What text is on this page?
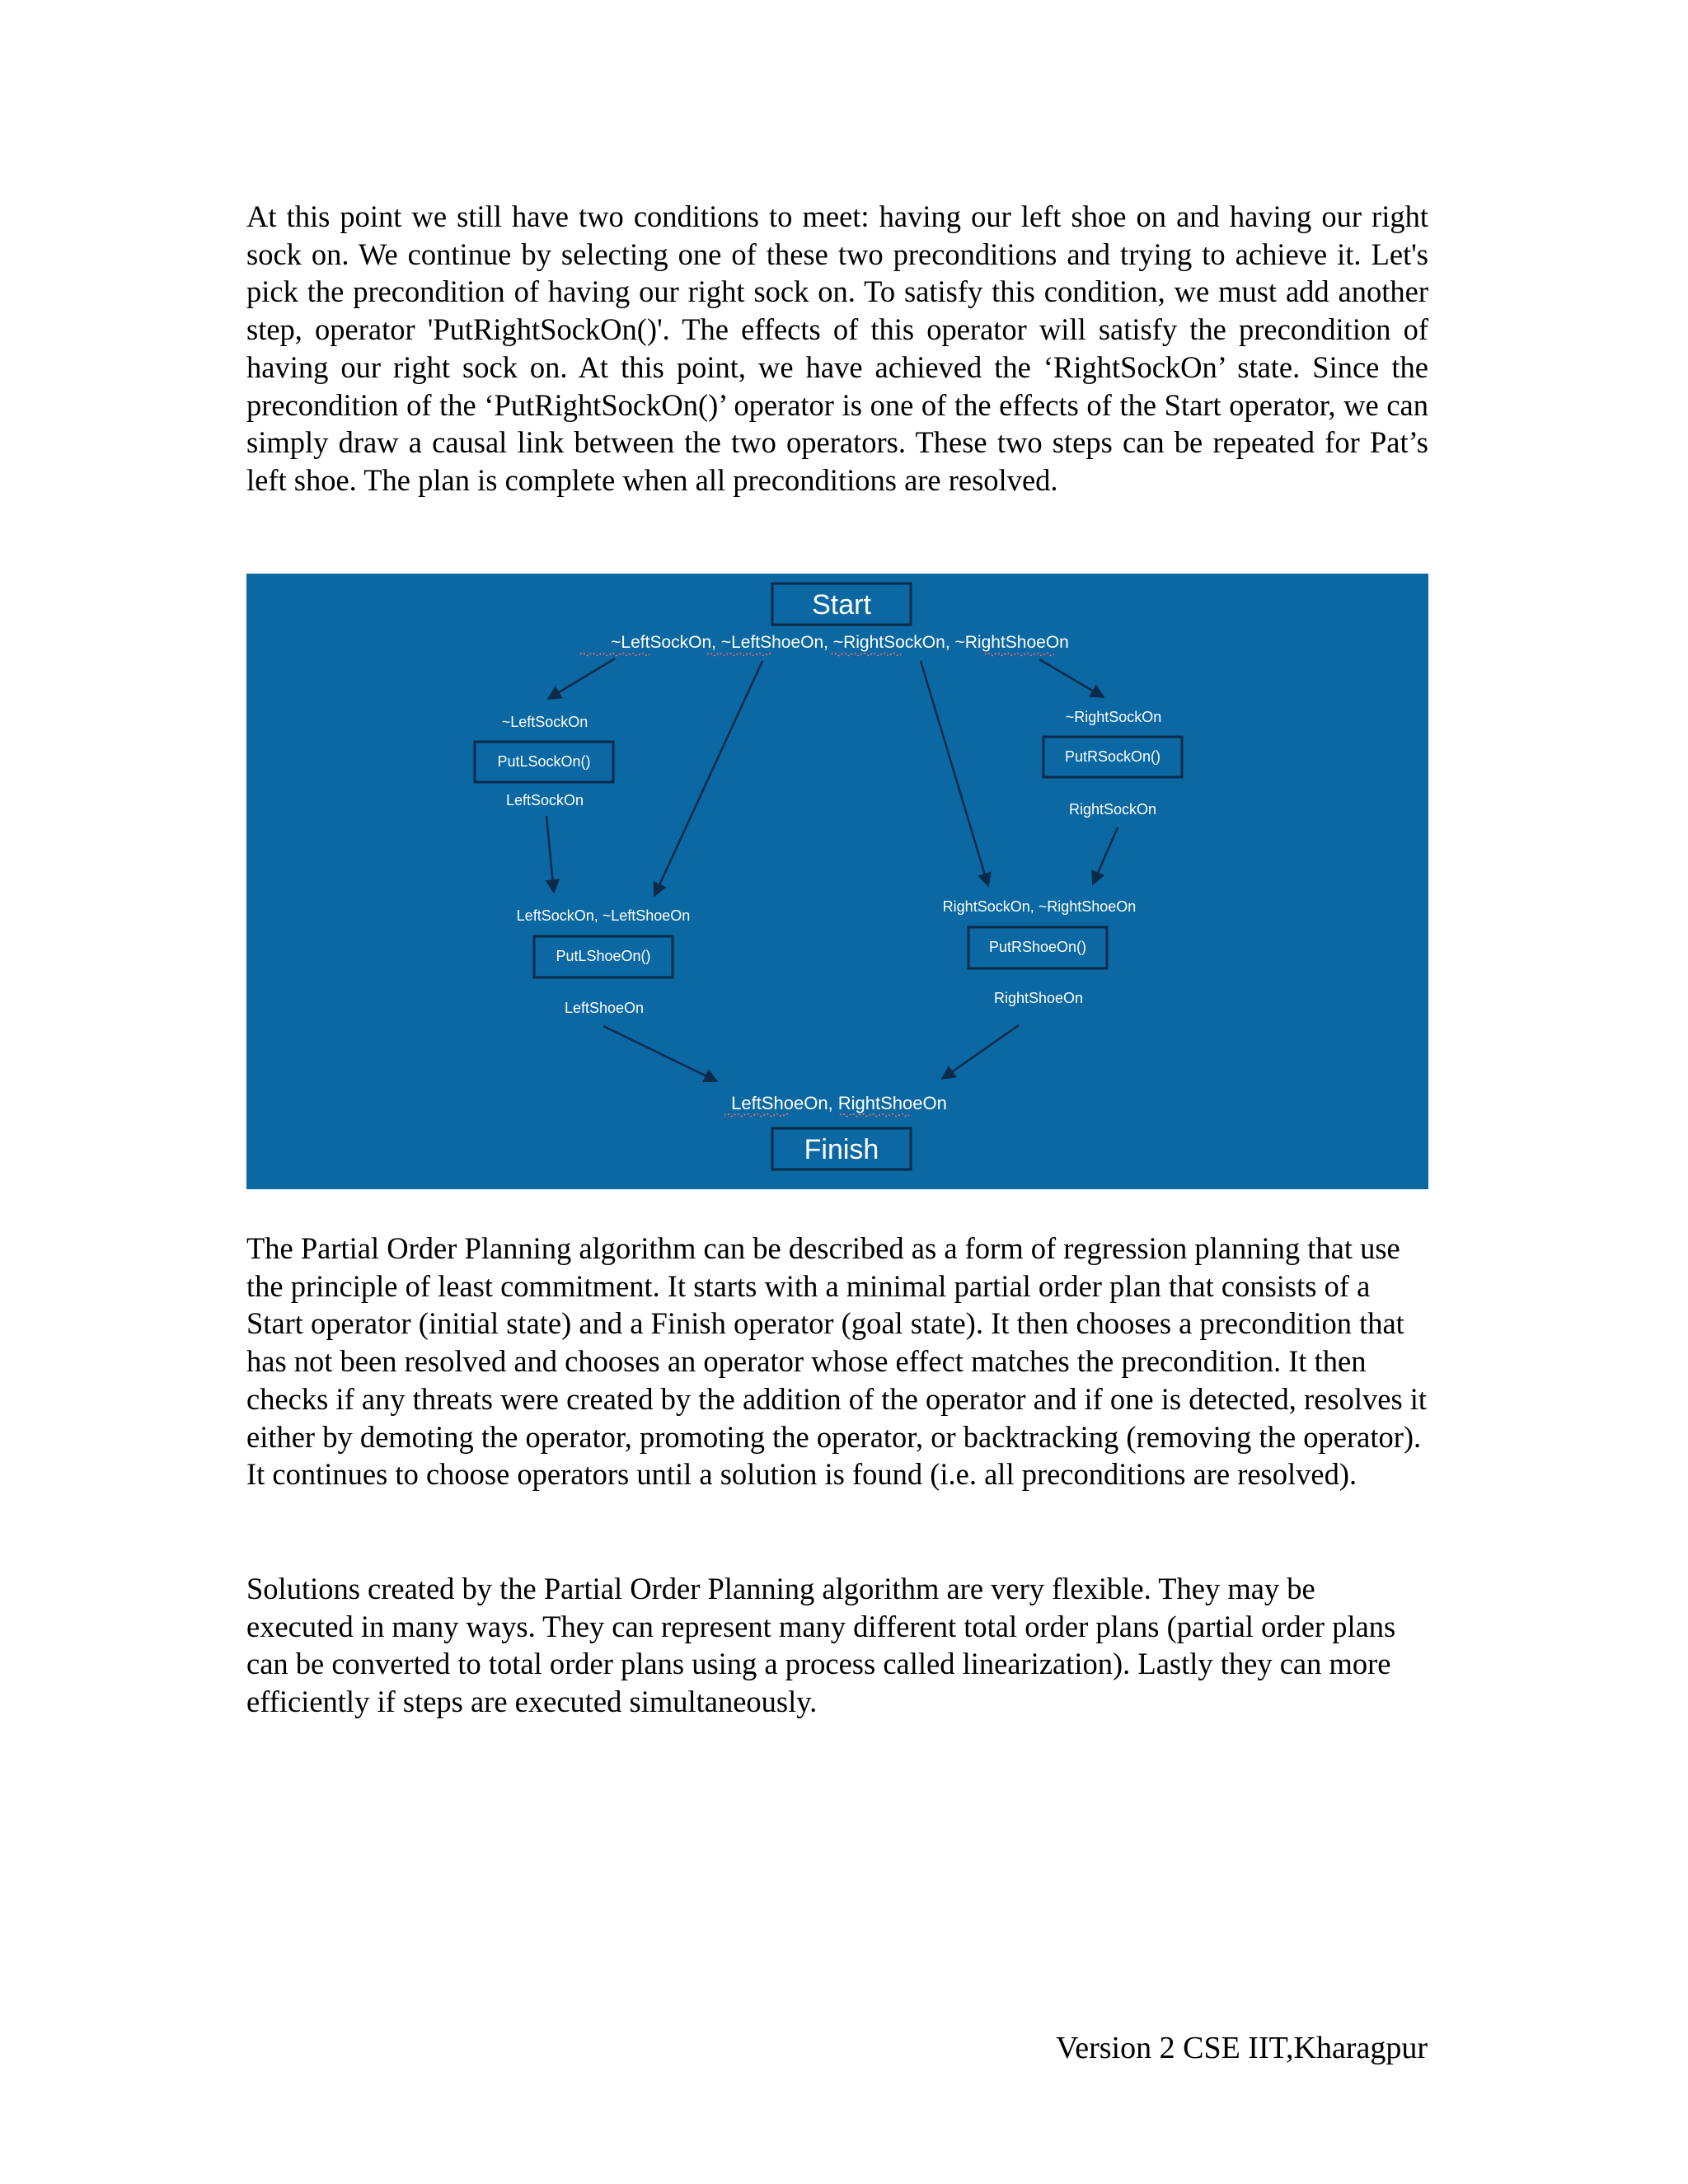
At this point we still have two conditions to meet: having our left shoe on and having our right sock on. We continue by selecting one of these two preconditions and trying to achieve it. Let's pick the precondition of having our right sock on. To satisfy this condition, we must add another step, operator 'PutRightSockOn()'. The effects of this operator will satisfy the precondition of having our right sock on. At this point, we have achieved the ‘RightSockOn’ state. Since the precondition of the ‘PutRightSockOn()’ operator is one of the effects of the Start operator, we can simply draw a causal link between the two operators. These two steps can be repeated for Pat’s left shoe. The plan is complete when all preconditions are resolved.

Start
~LeftSockOn, ~LeftShoeOn, ~RightSockOn, ~RightShoeOn
~LeftSockOn
PutLSockOn()
LeftSockOn
~RightSockOn
PutRSockOn()
RightSockOn
LeftSockOn, ~LeftShoeOn
PutLShoeOn()
LeftShoeOn
RightSockOn, ~RightShoeOn
PutRShoeOn()
RightShoeOn
LeftShoeOn, RightShoeOn
Finish

The Partial Order Planning algorithm can be described as a form of regression planning that use the principle of least commitment. It starts with a minimal partial order plan that consists of a Start operator (initial state) and a Finish operator (goal state). It then chooses a precondition that has not been resolved and chooses an operator whose effect matches the precondition. It then checks if any threats were created by the addition of the operator and if one is detected, resolves it either by demoting the operator, promoting the operator, or backtracking (removing the operator). It continues to choose operators until a solution is found (i.e. all preconditions are resolved).

Solutions created by the Partial Order Planning algorithm are very flexible. They may be executed in many ways. They can represent many different total order plans (partial order plans can be converted to total order plans using a process called linearization). Lastly they can more efficiently if steps are executed simultaneously.

Version 2 CSE IIT,Kharagpur
